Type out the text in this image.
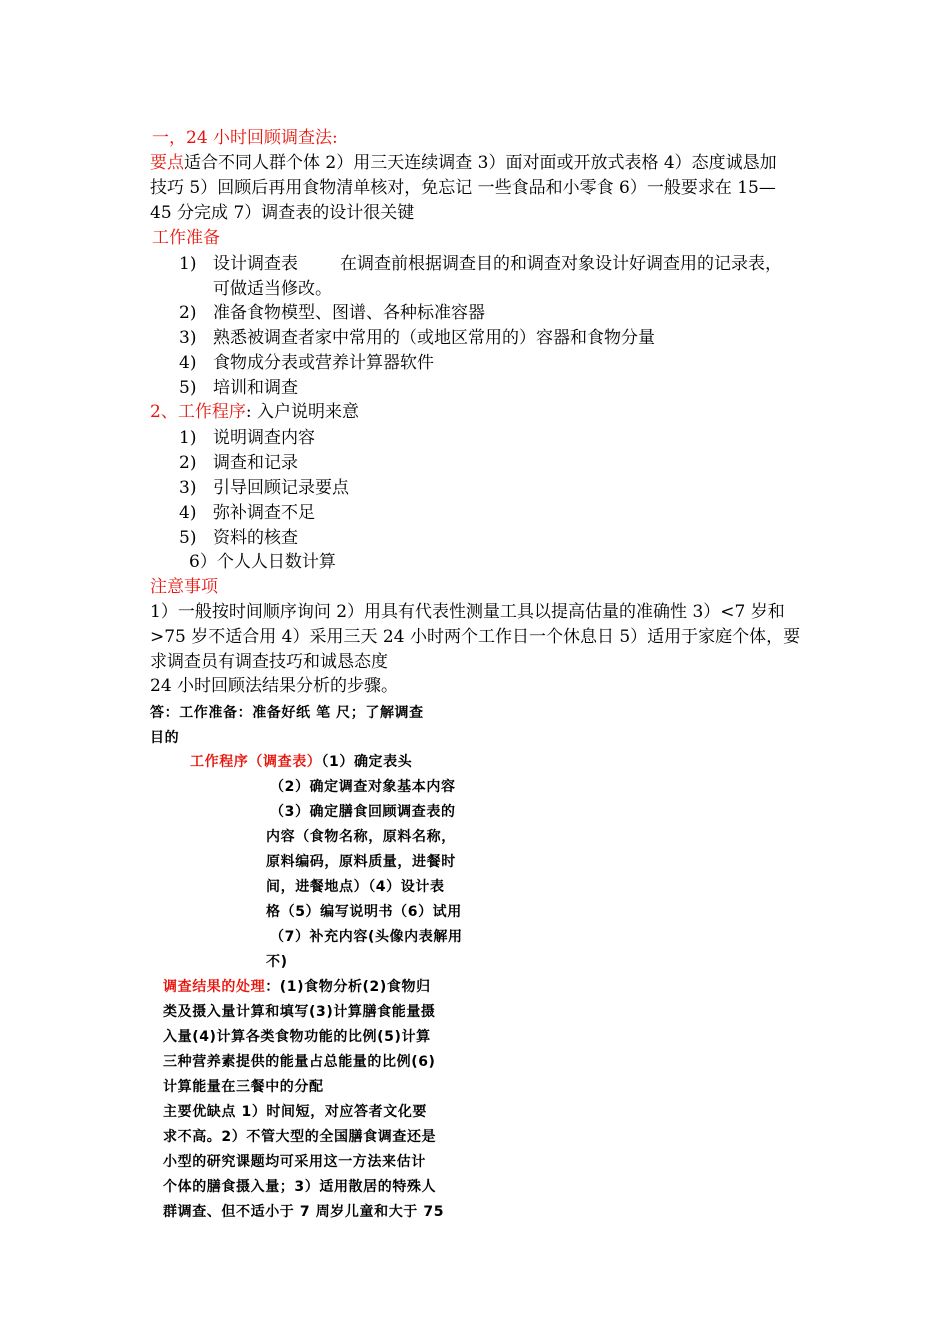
一，24 小时回顾调查法:
要点适合不同人群个体 2）用三天连续调查 3）面对面或开放式表格 4）态度诚恳加
技巧 5）回顾后再用食物清单核对，免忘记 一些食品和小零食 6）一般要求在 15—
45 分完成 7）调查表的设计很关键
工作准备
1) 设计调查表 在调查前根据调查目的和调查对象设计好调查用的记录表，
可做适当修改。
2) 准备食物模型、图谱、各种标准容器
3) 熟悉被调查者家中常用的（或地区常用的）容器和食物分量
4) 食物成分表或营养计算器软件
5) 培训和调查
2、工作程序: 入户说明来意
1) 说明调查内容
2) 调查和记录
3) 引导回顾记录要点
4) 弥补调查不足
5) 资料的核查
6）个人人日数计算
注意事项
1）一般按时间顺序询问 2）用具有代表性测量工具以提高估量的准确性 3）<7 岁和
>75 岁不适合用 4）采用三天 24 小时两个工作日一个休息日 5）适用于家庭个体，要
求调查员有调查技巧和诚恳态度
24 小时回顾法结果分析的步骤。
答：工作准备：准备好纸 笔 尺；了解调查
目的
工作程序（调查表）（1）确定表头
（2）确定调查对象基本内容
（3）确定膳食回顾调查表的
内容（食物名称，原料名称，
原料编码，原料质量，进餐时
间，进餐地点）（4）设计表
格（5）编写说明书（6）试用
（7）补充内容(头像内表解用
不)
调查结果的处理：(1)食物分析(2)食物归
类及摄入量计算和填写(3)计算膳食能量摄
入量(4)计算各类食物功能的比例(5)计算
三种营养素提供的能量占总能量的比例(6)
计算能量在三餐中的分配
主要优缺点 1）时间短，对应答者文化要
求不高。2）不管大型的全国膳食调查还是
小型的研究课题均可采用这一方法来估计
个体的膳食摄入量；3）适用散居的特殊人
群调查、但不适小于 7 周岁儿童和大于 75
